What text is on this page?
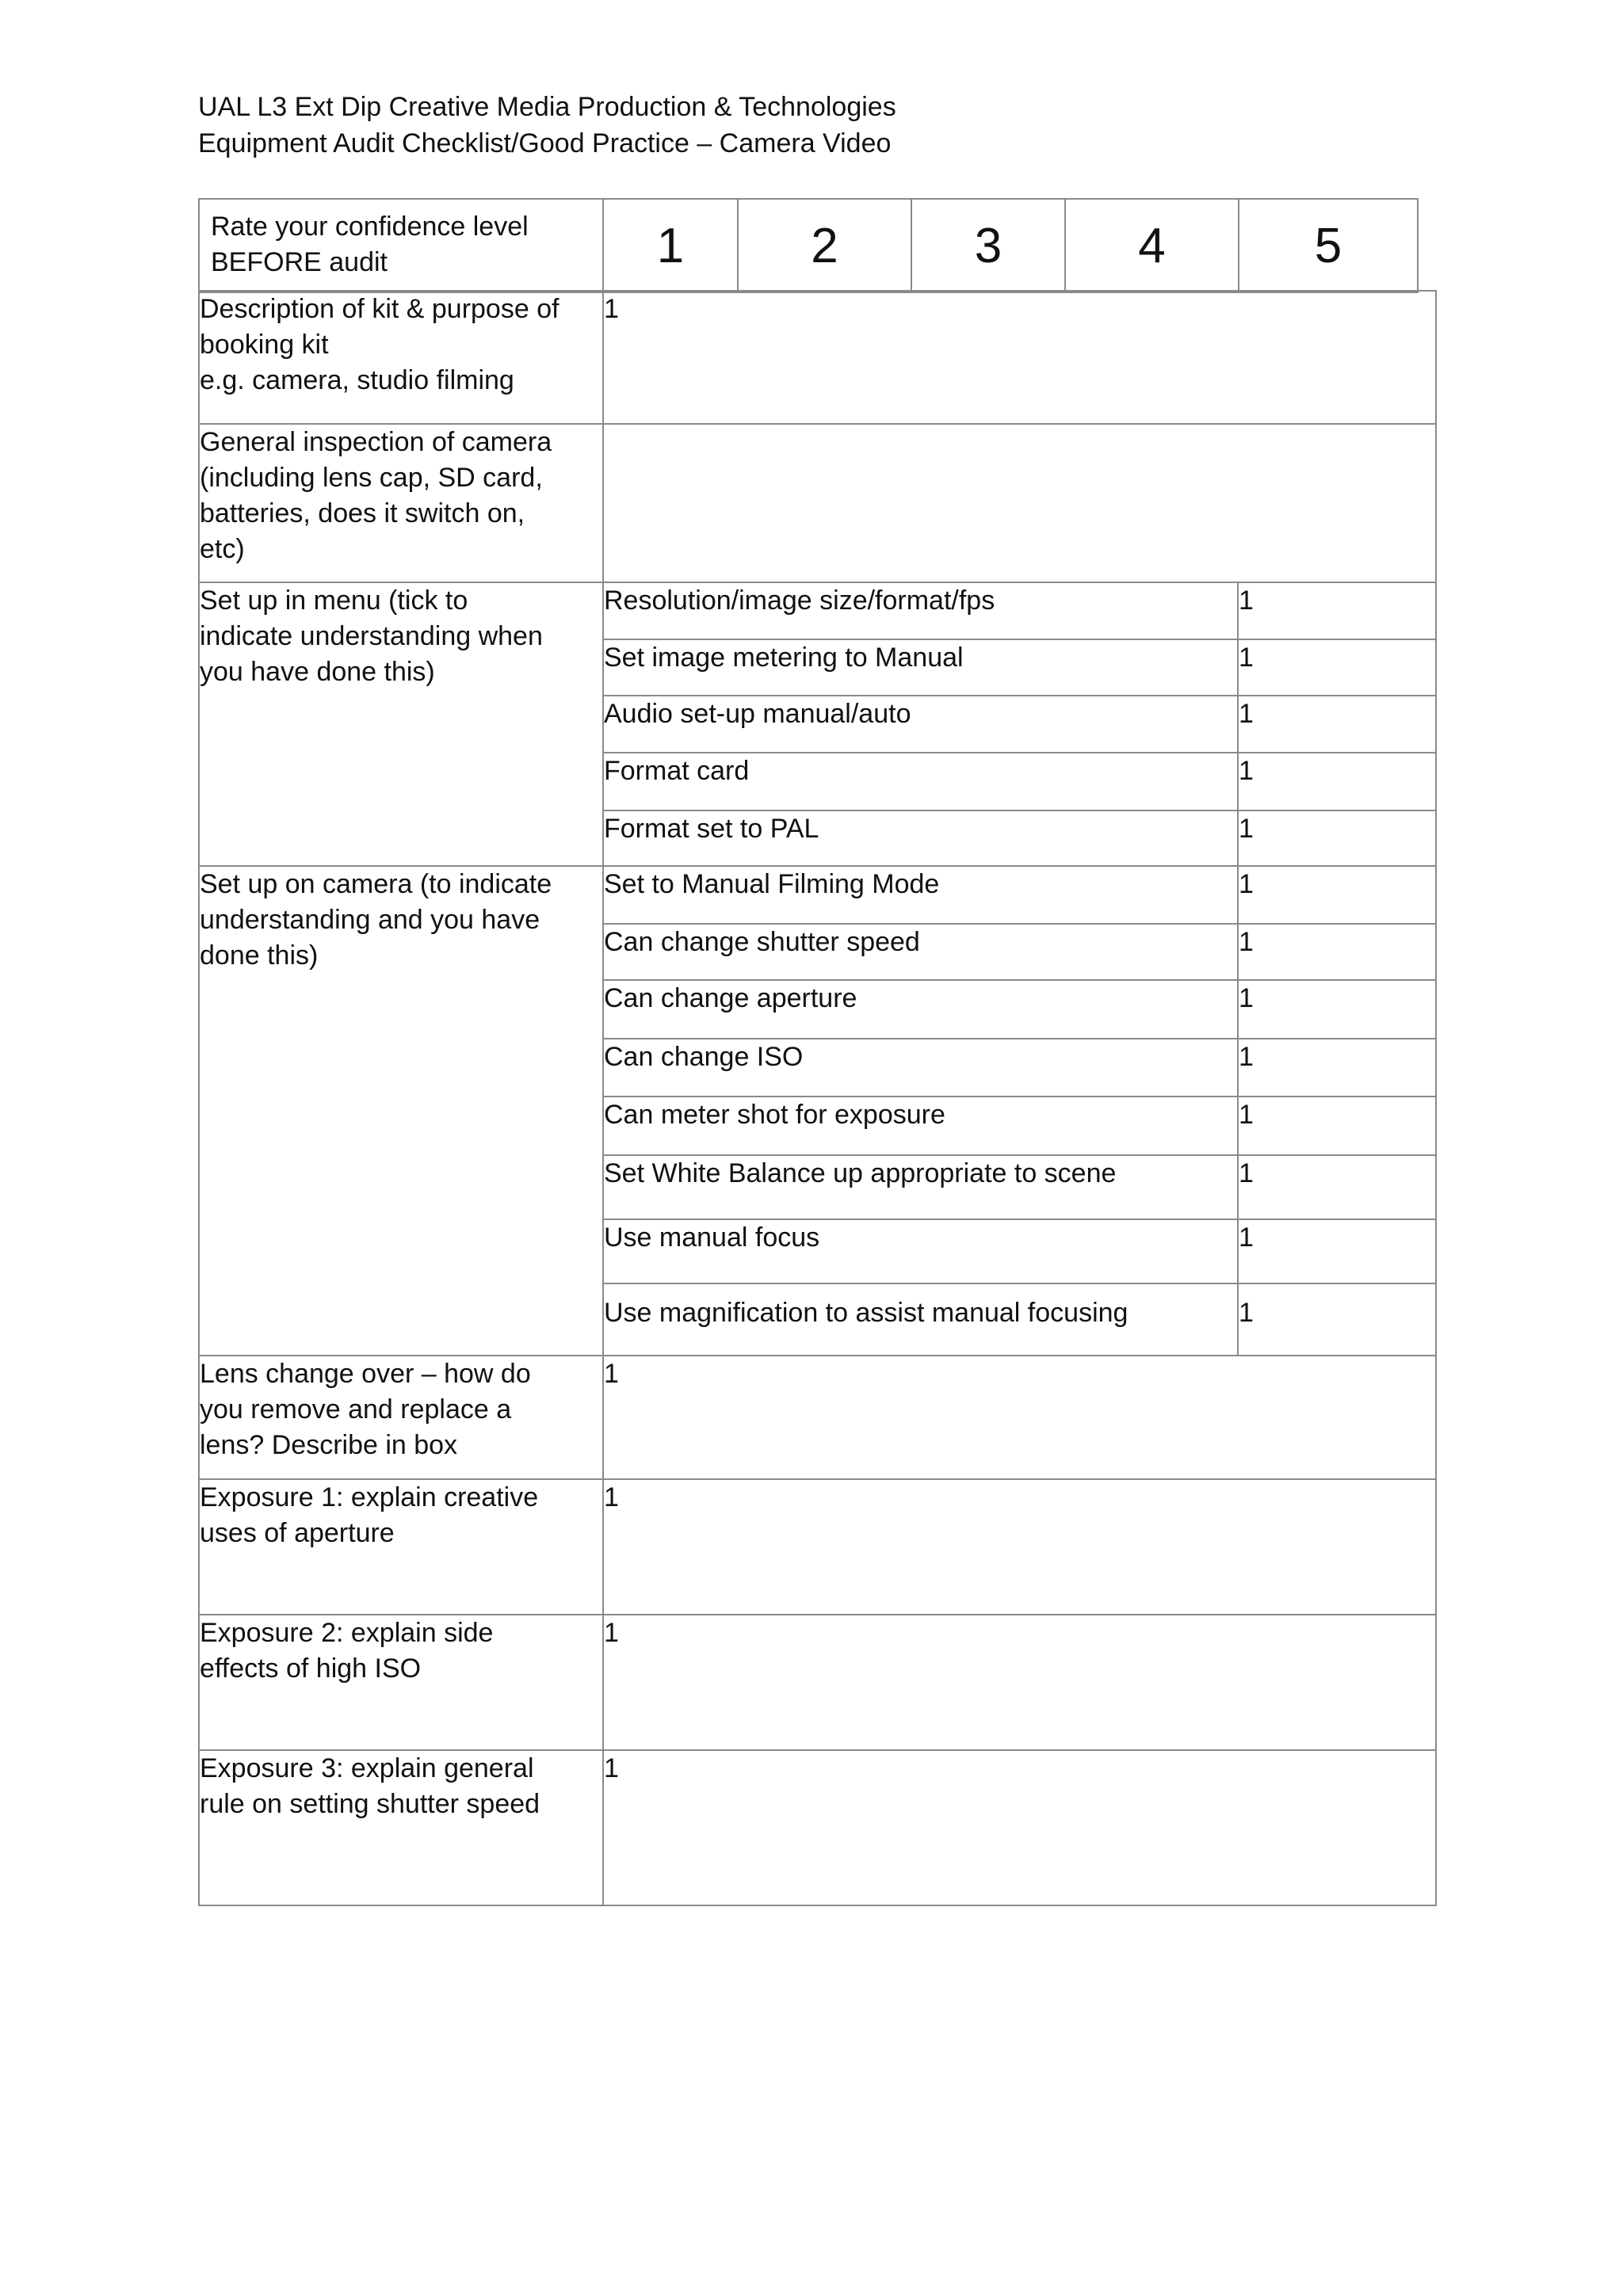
UAL L3 Ext Dip Creative Media Production & Technologies
Equipment Audit Checklist/Good Practice – Camera Video
Rate your confidence level
BEFORE audit	1	2	3	4	5
Description of kit & purpose of
booking kit
e.g. camera, studio filming	1	

General inspection of camera
(including lens cap, SD card,
batteries, does it switch on,
etc)		

Set up in menu (tick to
indicate understanding when
you have done this)	Resolution/image size/format/fps	1
	Set image metering to Manual	1
	Audio set-up manual/auto	1
	Format card	1
	Format set to PAL	1

Set up on camera (to indicate
understanding and you have
done this)	Set to Manual Filming Mode	1
	Can change shutter speed	1
	Can change aperture	1
	Can change ISO	1
	Can meter shot for exposure	1
	Set White Balance up appropriate to scene	1
	Use manual focus	1
	Use magnification to assist manual focusing	1

Lens change over – how do
you remove and replace a
lens? Describe in box	1	

Exposure 1: explain creative
uses of aperture	1	

Exposure 2: explain side
effects of high ISO	1	

Exposure 3: explain general
rule on setting shutter speed	1	
